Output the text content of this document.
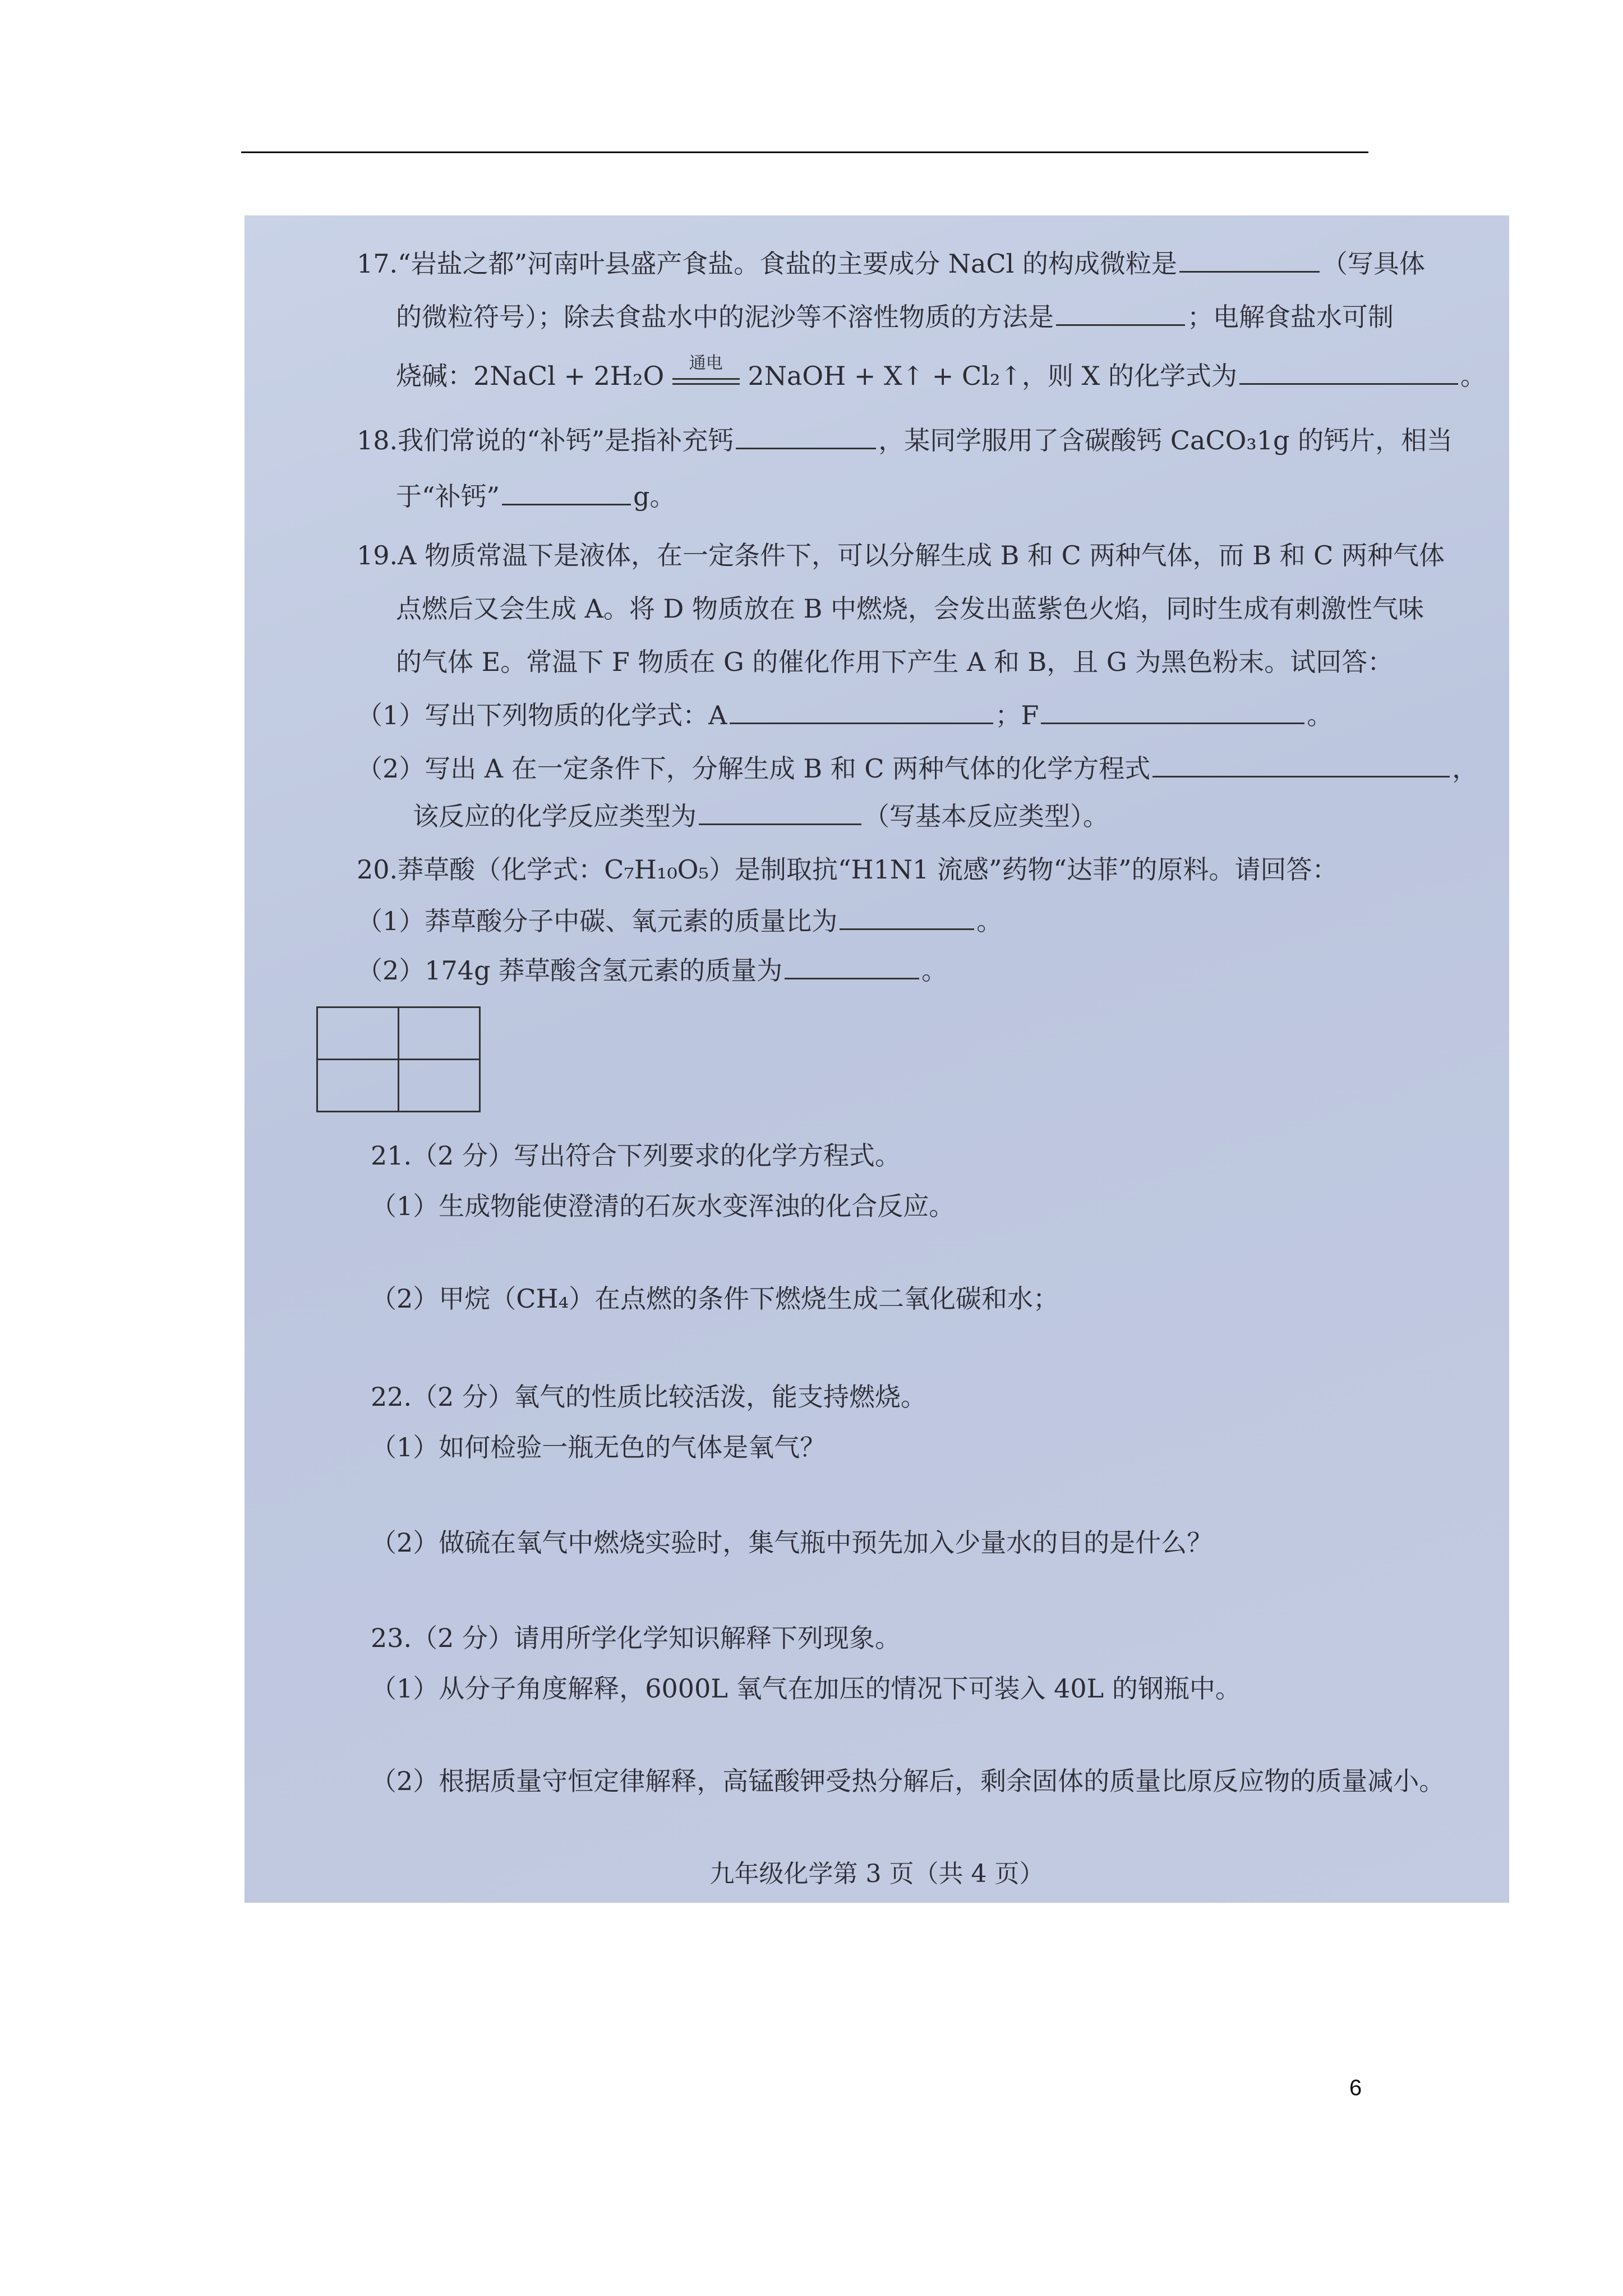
17.“岩盐之都”河南叶县盛产食盐。食盐的主要成分 NaCl 的构成微粒是	（写具体
的微粒符号）；除去食盐水中的泥沙等不溶性物质的方法是	；电解食盐水可制
烧碱：2NaCl + 2H₂O	通电 2NaOH + X↑ + Cl₂↑，则 X 的化学式为	。
18.我们常说的“补钙”是指补充钙	，某同学服用了含碳酸钙 CaCO₃1g 的钙片，相当
于“补钙”	g。
19.A 物质常温下是液体，在一定条件下，可以分解生成 B 和 C 两种气体，而 B 和 C 两种气体
点燃后又会生成 A。将 D 物质放在 B 中燃烧，会发出蓝紫色火焰，同时生成有刺激性气味
的气体 E。常温下 F 物质在 G 的催化作用下产生 A 和 B，且 G 为黑色粉末。试回答：
（1）写出下列物质的化学式：A	；F	。
（2）写出 A 在一定条件下，分解生成 B 和 C 两种气体的化学方程式	，
该反应的化学反应类型为	（写基本反应类型）。
20.莽草酸（化学式：C₇H₁₀O₅）是制取抗“H1N1 流感”药物“达菲”的原料。请回答：
（1）莽草酸分子中碳、氧元素的质量比为	。
（2）174g 莽草酸含氢元素的质量为	。

21.（2 分）写出符合下列要求的化学方程式。
（1）生成物能使澄清的石灰水变浑浊的化合反应。
（2）甲烷（CH₄）在点燃的条件下燃烧生成二氧化碳和水；
22.（2 分）氧气的性质比较活泼，能支持燃烧。
（1）如何检验一瓶无色的气体是氧气？
（2）做硫在氧气中燃烧实验时，集气瓶中预先加入少量水的目的是什么？
23.（2 分）请用所学化学知识解释下列现象。
（1）从分子角度解释，6000L 氧气在加压的情况下可装入 40L 的钢瓶中。
（2）根据质量守恒定律解释，高锰酸钾受热分解后，剩余固体的质量比原反应物的质量减小。
九年级化学第 3 页（共 4 页）
6
